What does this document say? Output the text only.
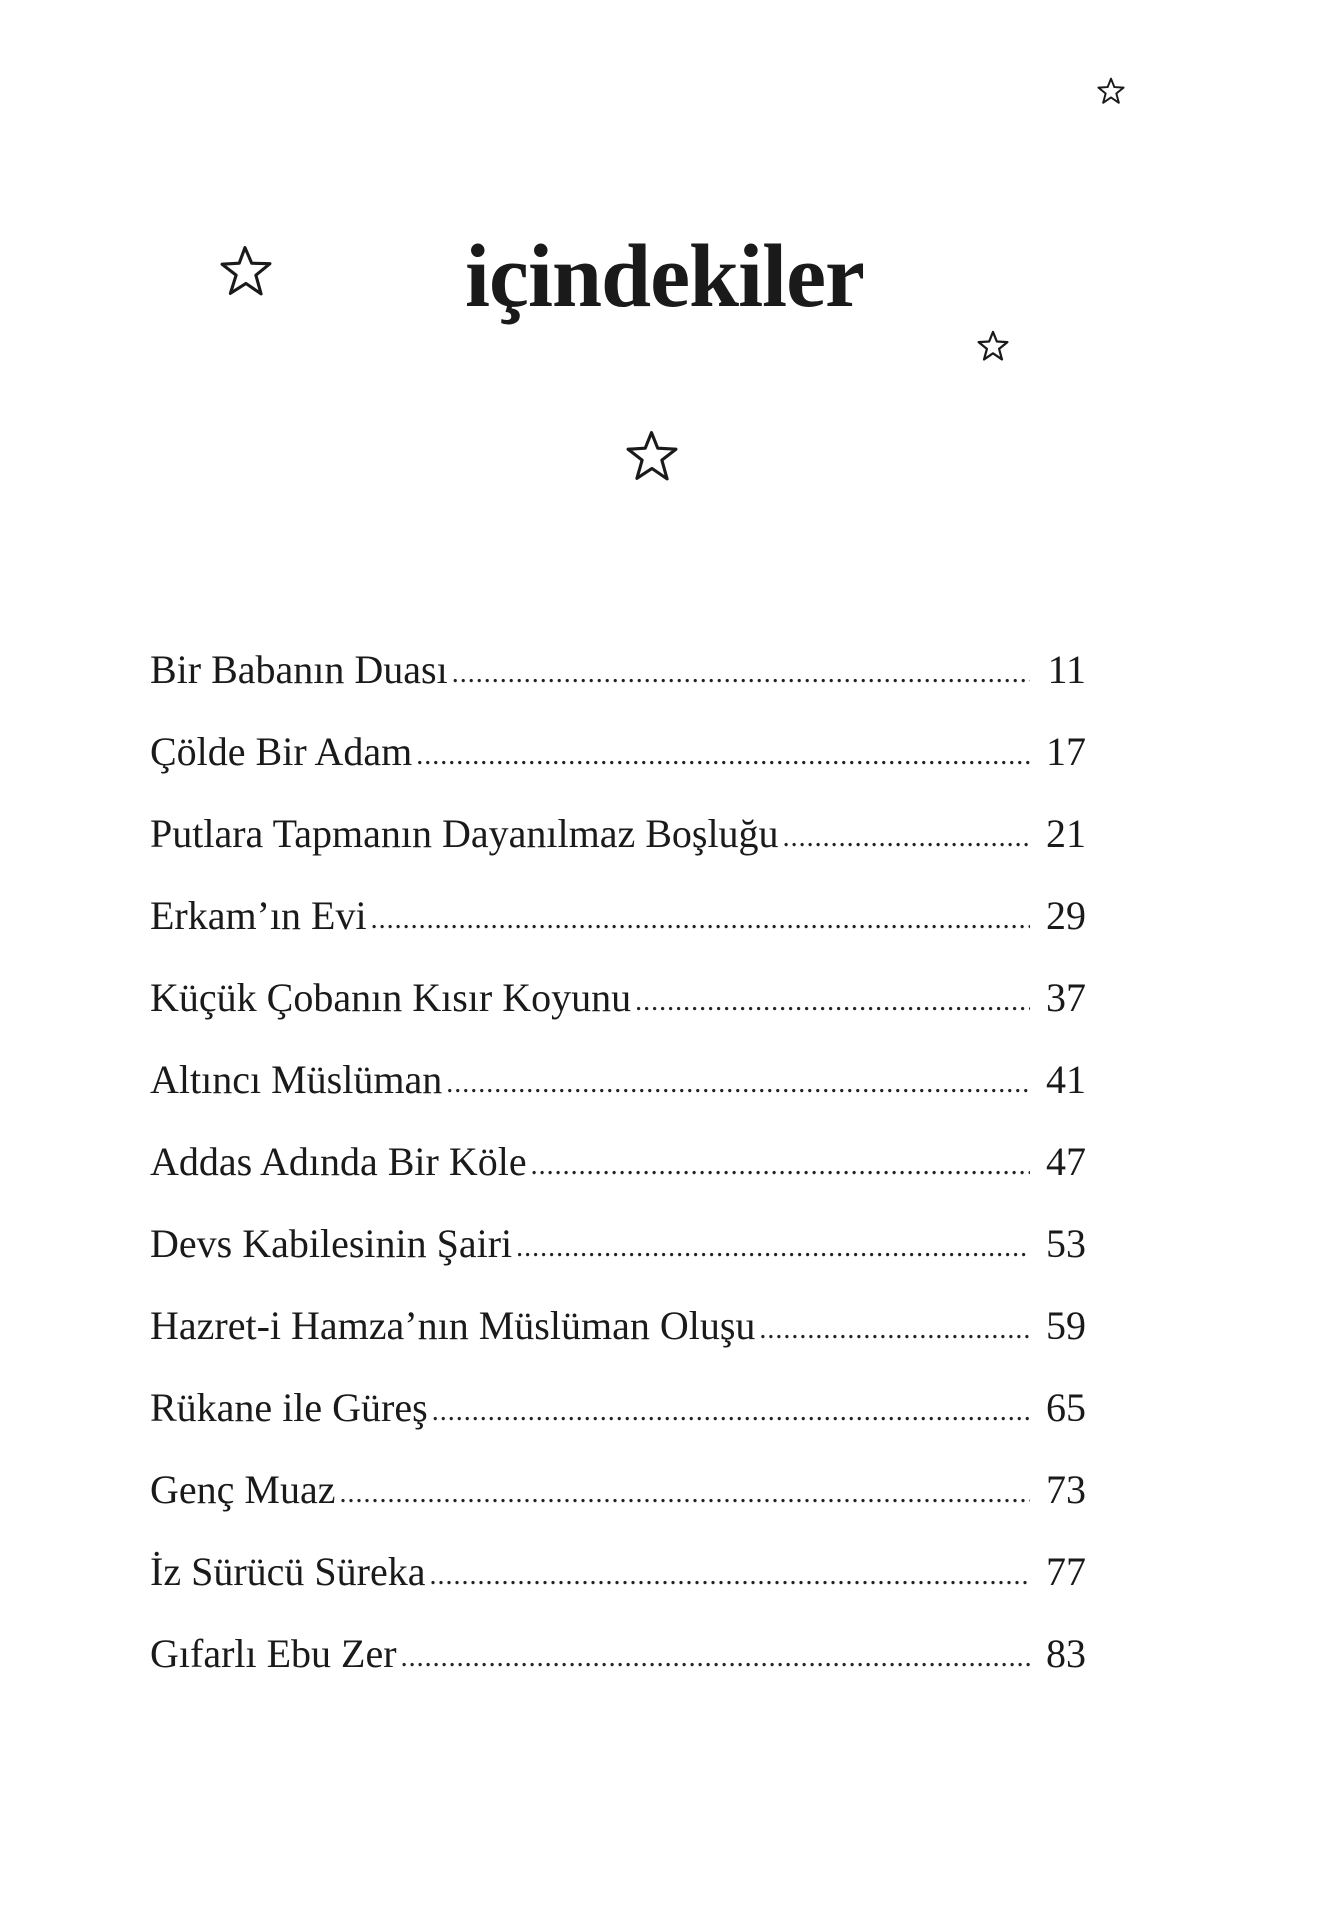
içindekiler
Bir Babanın Duası .....	11
Çölde Bir Adam .....	17
Putlara Tapmanın Dayanılmaz Boşluğu .....	21
Erkam’ın Evi .....	29
Küçük Çobanın Kısır Koyunu .....	37
Altıncı Müslüman .....	41
Addas Adında Bir Köle .....	47
Devs Kabilesinin Şairi .....	53
Hazret-i Hamza’nın Müslüman Oluşu .....	59
Rükane ile Güreş .....	65
Genç Muaz .....	73
İz Sürücü Süreka .....	77
Gıfarlı Ebu Zer .....	83
